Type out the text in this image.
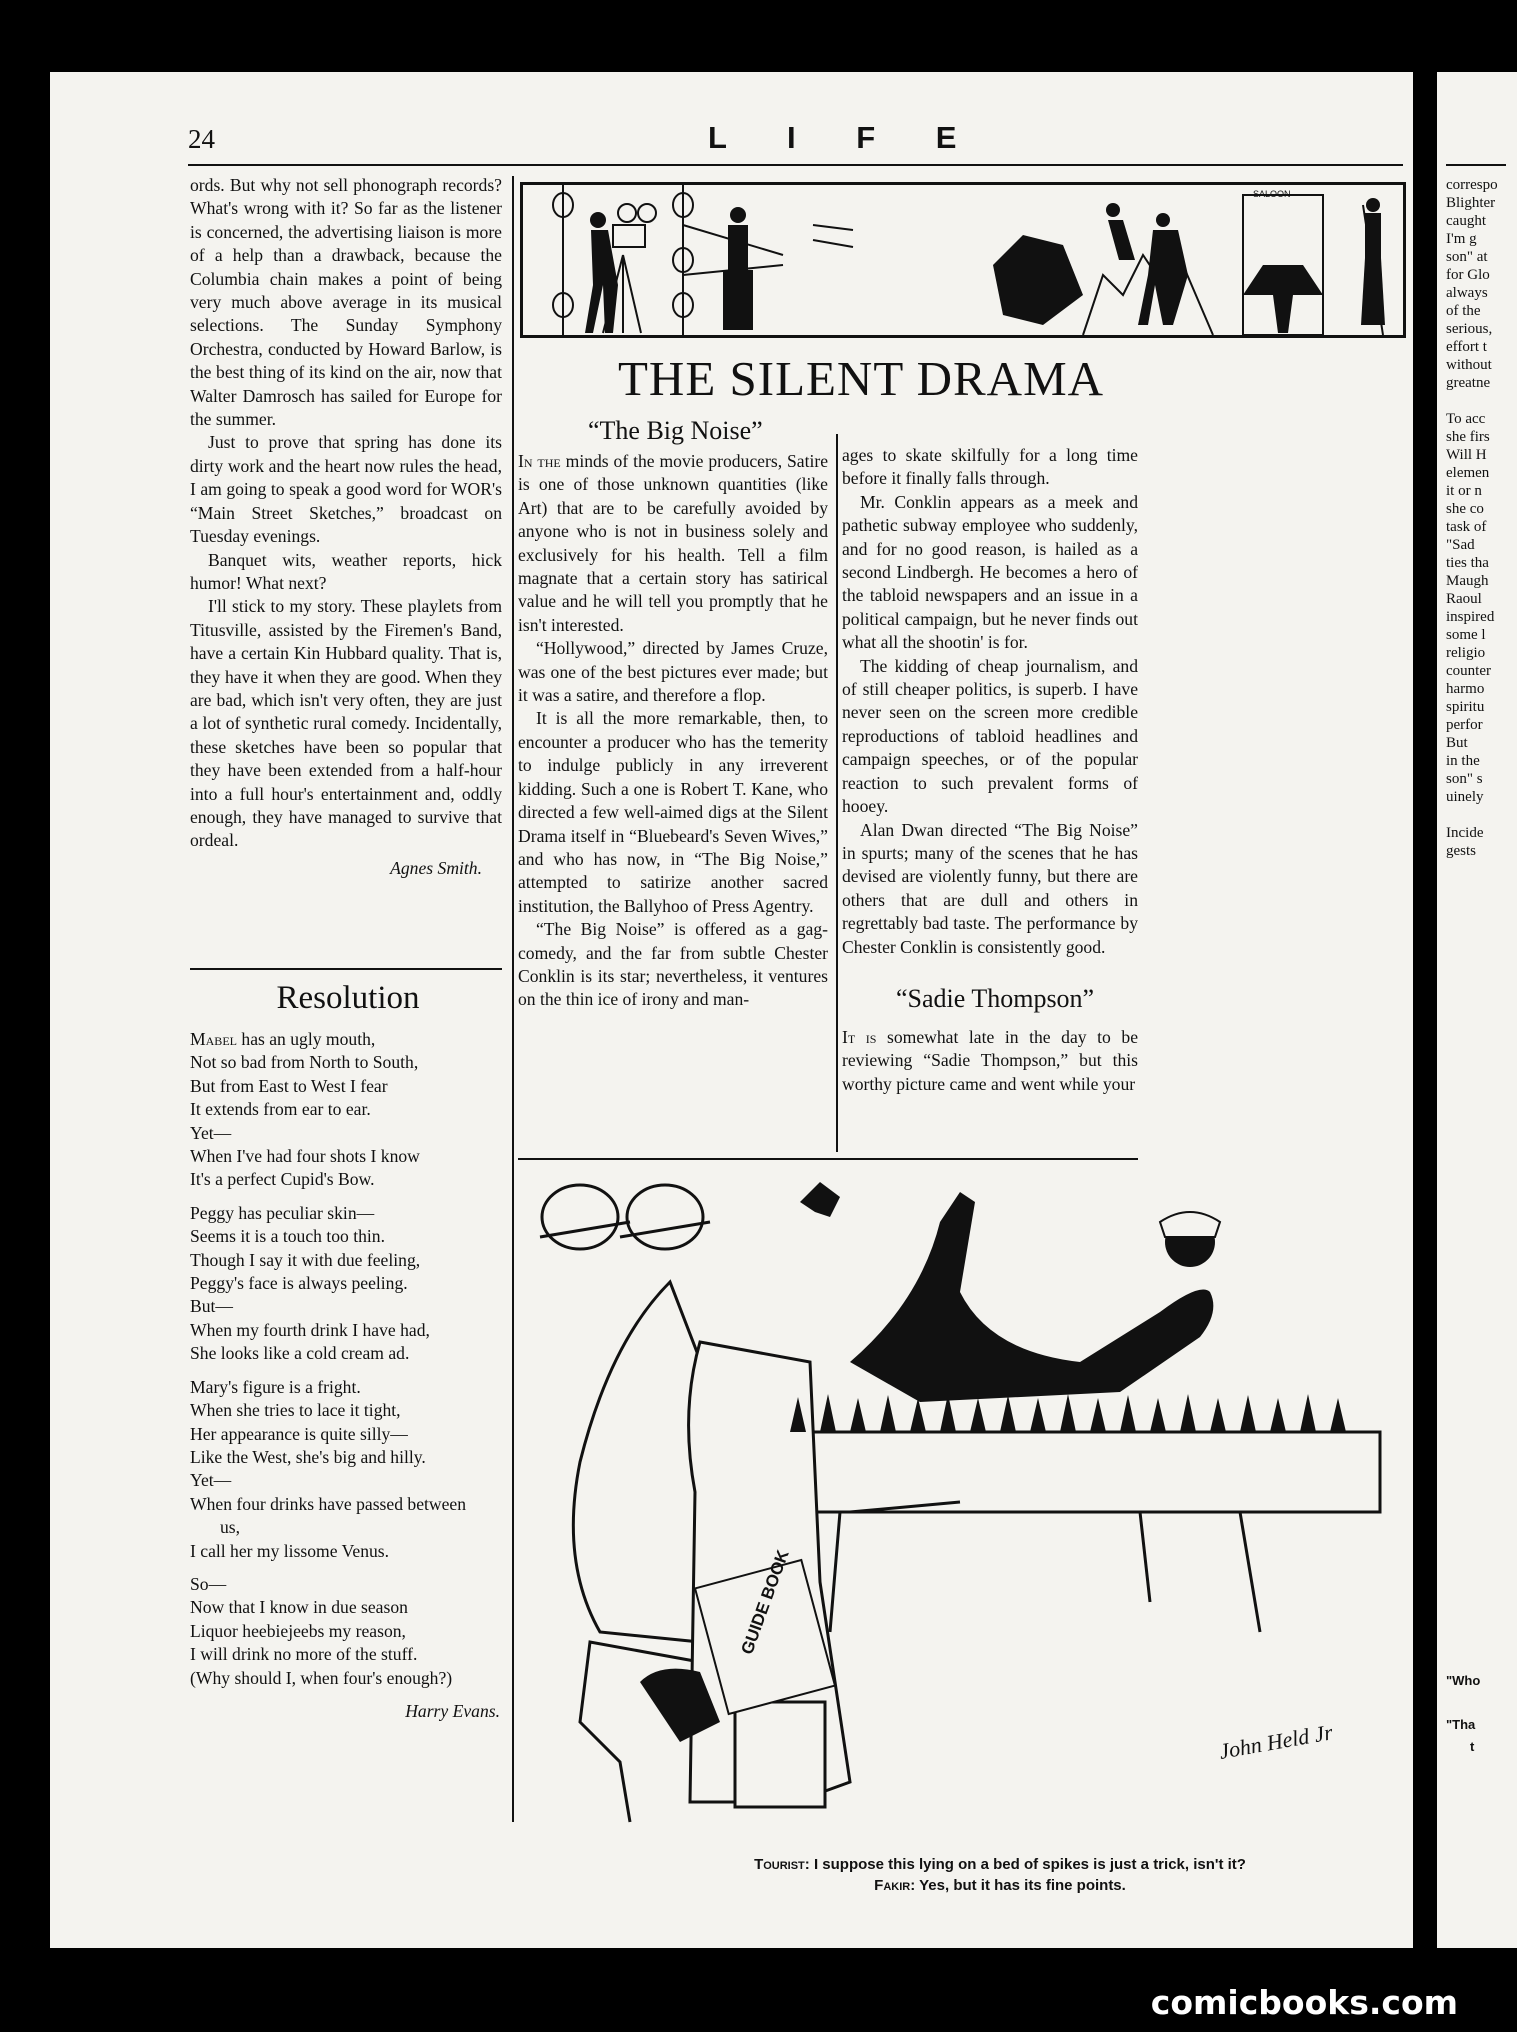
24	L I F E

ords. But why not sell phonograph records? What's wrong with it? So far as the listener is concerned, the advertising liaison is more of a help than a drawback, because the Columbia chain makes a point of being very much above average in its musical selections. The Sunday Symphony Orchestra, conducted by Howard Barlow, is the best thing of its kind on the air, now that Walter Damrosch has sailed for Europe for the summer.

Just to prove that spring has done its dirty work and the heart now rules the head, I am going to speak a good word for WOR's “Main Street Sketches,” broadcast on Tuesday evenings.

Banquet wits, weather reports, hick humor! What next?

I'll stick to my story. These playlets from Titusville, assisted by the Firemen's Band, have a certain Kin Hubbard quality. That is, they have it when they are good. When they are bad, which isn't very often, they are just a lot of synthetic rural comedy. Incidentally, these sketches have been so popular that they have been extended from a half-hour into a full hour's entertainment and, oddly enough, they have managed to survive that ordeal.

Agnes Smith.
Resolution
Mabel has an ugly mouth,
Not so bad from North to South,
But from East to West I fear
It extends from ear to ear.
Yet—
When I've had four shots I know
It's a perfect Cupid's Bow.
Peggy has peculiar skin—
Seems it is a touch too thin.
Though I say it with due feeling,
Peggy's face is always peeling.
But—
When my fourth drink I have had,
She looks like a cold cream ad.
Mary's figure is a fright.
When she tries to lace it tight,
Her appearance is quite silly—
Like the West, she's big and hilly.
Yet—
When four drinks have passed between
us,
I call her my lissome Venus.
So—
Now that I know in due season
Liquor heebiejeebs my reason,
I will drink no more of the stuff.
(Why should I, when four's enough?)
Harry Evans.
SALOON
THE SILENT DRAMA
“The Big Noise”

In the minds of the movie producers, Satire is one of those unknown quantities (like Art) that are to be carefully avoided by anyone who is not in business solely and exclusively for his health. Tell a film magnate that a certain story has satirical value and he will tell you promptly that he isn't interested.

“Hollywood,” directed by James Cruze, was one of the best pictures ever made; but it was a satire, and therefore a flop.

It is all the more remarkable, then, to encounter a producer who has the temerity to indulge publicly in any irreverent kidding. Such a one is Robert T. Kane, who directed a few well-aimed digs at the Silent Drama itself in “Bluebeard's Seven Wives,” and who has now, in “The Big Noise,” attempted to satirize another sacred institution, the Ballyhoo of Press Agentry.

“The Big Noise” is offered as a gag-comedy, and the far from subtle Chester Conklin is its star; nevertheless, it ventures on the thin ice of irony and man-

ages to skate skilfully for a long time before it finally falls through.

Mr. Conklin appears as a meek and pathetic subway employee who suddenly, and for no good reason, is hailed as a second Lindbergh. He becomes a hero of the tabloid newspapers and an issue in a political campaign, but he never finds out what all the shootin' is for.

The kidding of cheap journalism, and of still cheaper politics, is superb. I have never seen on the screen more credible reproductions of tabloid headlines and campaign speeches, or of the popular reaction to such prevalent forms of hooey.

Alan Dwan directed “The Big Noise” in spurts; many of the scenes that he has devised are violently funny, but there are others that are dull and others in regrettably bad taste. The performance by Chester Conklin is consistently good.

“Sadie Thompson”

It is somewhat late in the day to be reviewing “Sadie Thompson,” but this worthy picture came and went while your

GUIDE BOOK
John Held Jr
Tourist: I suppose this lying on a bed of spikes is just a trick, isn't it?
Fakir: Yes, but it has its fine points.
correspo
Blighter
caught
I'm g
son" at
for Glo
always
of the
serious,
effort t
without
greatne
To acc
she firs
Will H
elemen
it or n
she co
task of
"Sad
ties tha
Maugh
Raoul
inspired
some l
religio
counter
harmo
spiritu
perfor
But
in the
son" s
uinely
Incide
gests
"Who
"Tha
t
comicbooks.com
